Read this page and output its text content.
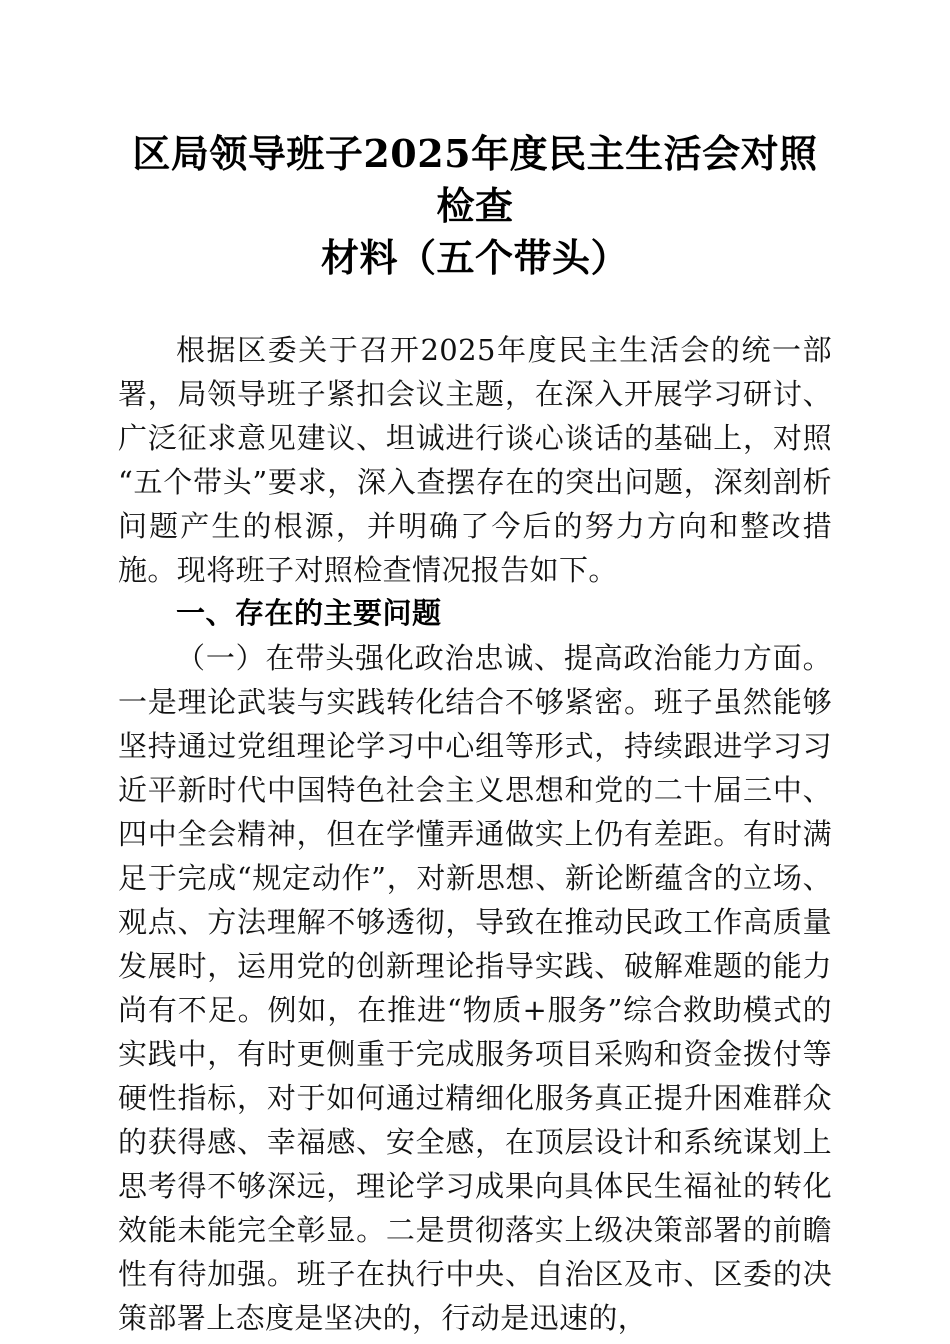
区局领导班子2025年度民主生活会对照检查
材料（五个带头）

根据区委关于召开2025年度民主生活会的统一部署，局领导班子紧扣会议主题，在深入开展学习研讨、广泛征求意见建议、坦诚进行谈心谈话的基础上，对照“五个带头”要求，深入查摆存在的突出问题，深刻剖析问题产生的根源，并明确了今后的努力方向和整改措施。现将班子对照检查情况报告如下。

一、存在的主要问题

（一）在带头强化政治忠诚、提高政治能力方面。一是理论武装与实践转化结合不够紧密。班子虽然能够坚持通过党组理论学习中心组等形式，持续跟进学习习近平新时代中国特色社会主义思想和党的二十届三中、四中全会精神，但在学懂弄通做实上仍有差距。有时满足于完成“规定动作”，对新思想、新论断蕴含的立场、观点、方法理解不够透彻，导致在推动民政工作高质量发展时，运用党的创新理论指导实践、破解难题的能力尚有不足。例如，在推进“物质+服务”综合救助模式的实践中，有时更侧重于完成服务项目采购和资金拨付等硬性指标，对于如何通过精细化服务真正提升困难群众的获得感、幸福感、安全感，在顶层设计和系统谋划上思考得不够深远，理论学习成果向具体民生福祉的转化效能未能完全彰显。二是贯彻落实上级决策部署的前瞻性有待加强。班子在执行中央、自治区及市、区委的决策部署上态度是坚决的，行动是迅速的，
